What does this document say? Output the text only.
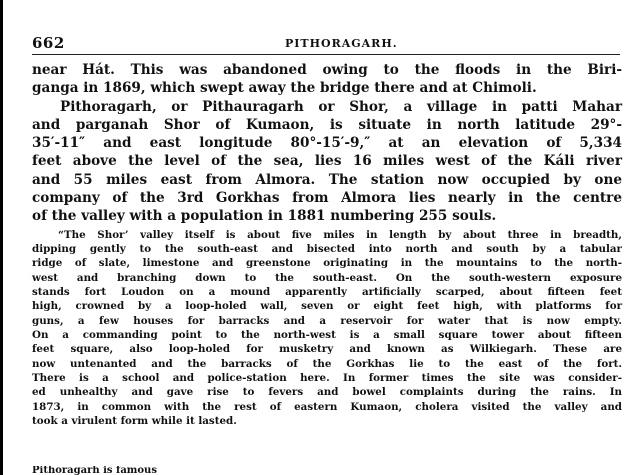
662	PITHORAGARH.
near Hát. This was abandoned owing to the floods in the Biri-
ganga in 1869, which swept away the bridge there and at Chimoli.
Pithoragarh, or Pithauragarh or Shor, a village in patti Mahar
and parganah Shor of Kumaon, is situate in north latitude 29°-
35′-11″ and east longitude 80°-15′-9,″ at an elevation of 5,334
feet above the level of the sea, lies 16 miles west of the Káli river
and 55 miles east from Almora. The station now occupied by one
company of the 3rd Gorkhas from Almora lies nearly in the centre
of the valley with a population in 1881 numbering 255 souls.
“The Shor’ valley itself is about five miles in length by about three in breadth,
dipping gently to the south-east and bisected into north and south by a tabular
ridge of slate, limestone and greenstone originating in the mountains to the north-
west and branching down to the south-east. On the south-western exposure
stands fort Loudon on a mound apparently artificially scarped, about fifteen feet
high, crowned by a loop-holed wall, seven or eight feet high, with platforms for
guns, a few houses for barracks and a reservoir for water that is now empty.
On a commanding point to the north-west is a small square tower about fifteen
feet square, also loop-holed for musketry and known as Wilkiegarh. These are
now untenanted and the barracks of the Gorkhas lie to the east of the fort.
There is a school and police-station here. In former times the site was consider-
ed unhealthy and gave rise to fevers and bowel complaints during the rains. In
1873, in common with the rest of eastern Kumaon, cholera visited the valley and
took a virulent form while it lasted.
Pithoragarh is famous
